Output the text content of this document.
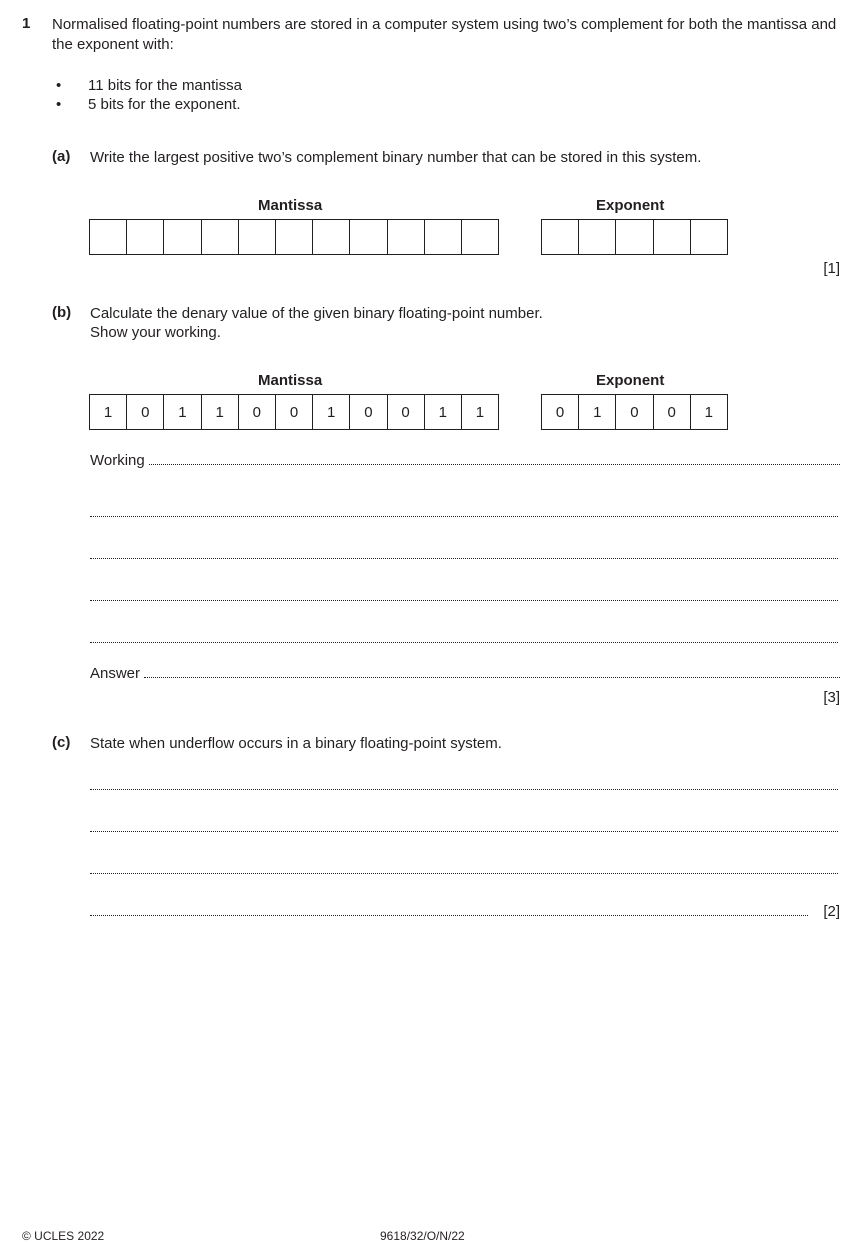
1 Normalised floating-point numbers are stored in a computer system using two’s complement for both the mantissa and the exponent with:
• 11 bits for the mantissa
• 5 bits for the exponent.
(a) Write the largest positive two’s complement binary number that can be stored in this system.
Mantissa	Exponent
[1]
(b) Calculate the denary value of the given binary floating-point number.
Show your working.
Mantissa	Exponent
1	0	1	1	0	0	1	0	0	1	1	0	1	0	0	1
Working
Answer
[3]
(c) State when underflow occurs in a binary floating-point system.
[2]
© UCLES 2022	9618/32/O/N/22
